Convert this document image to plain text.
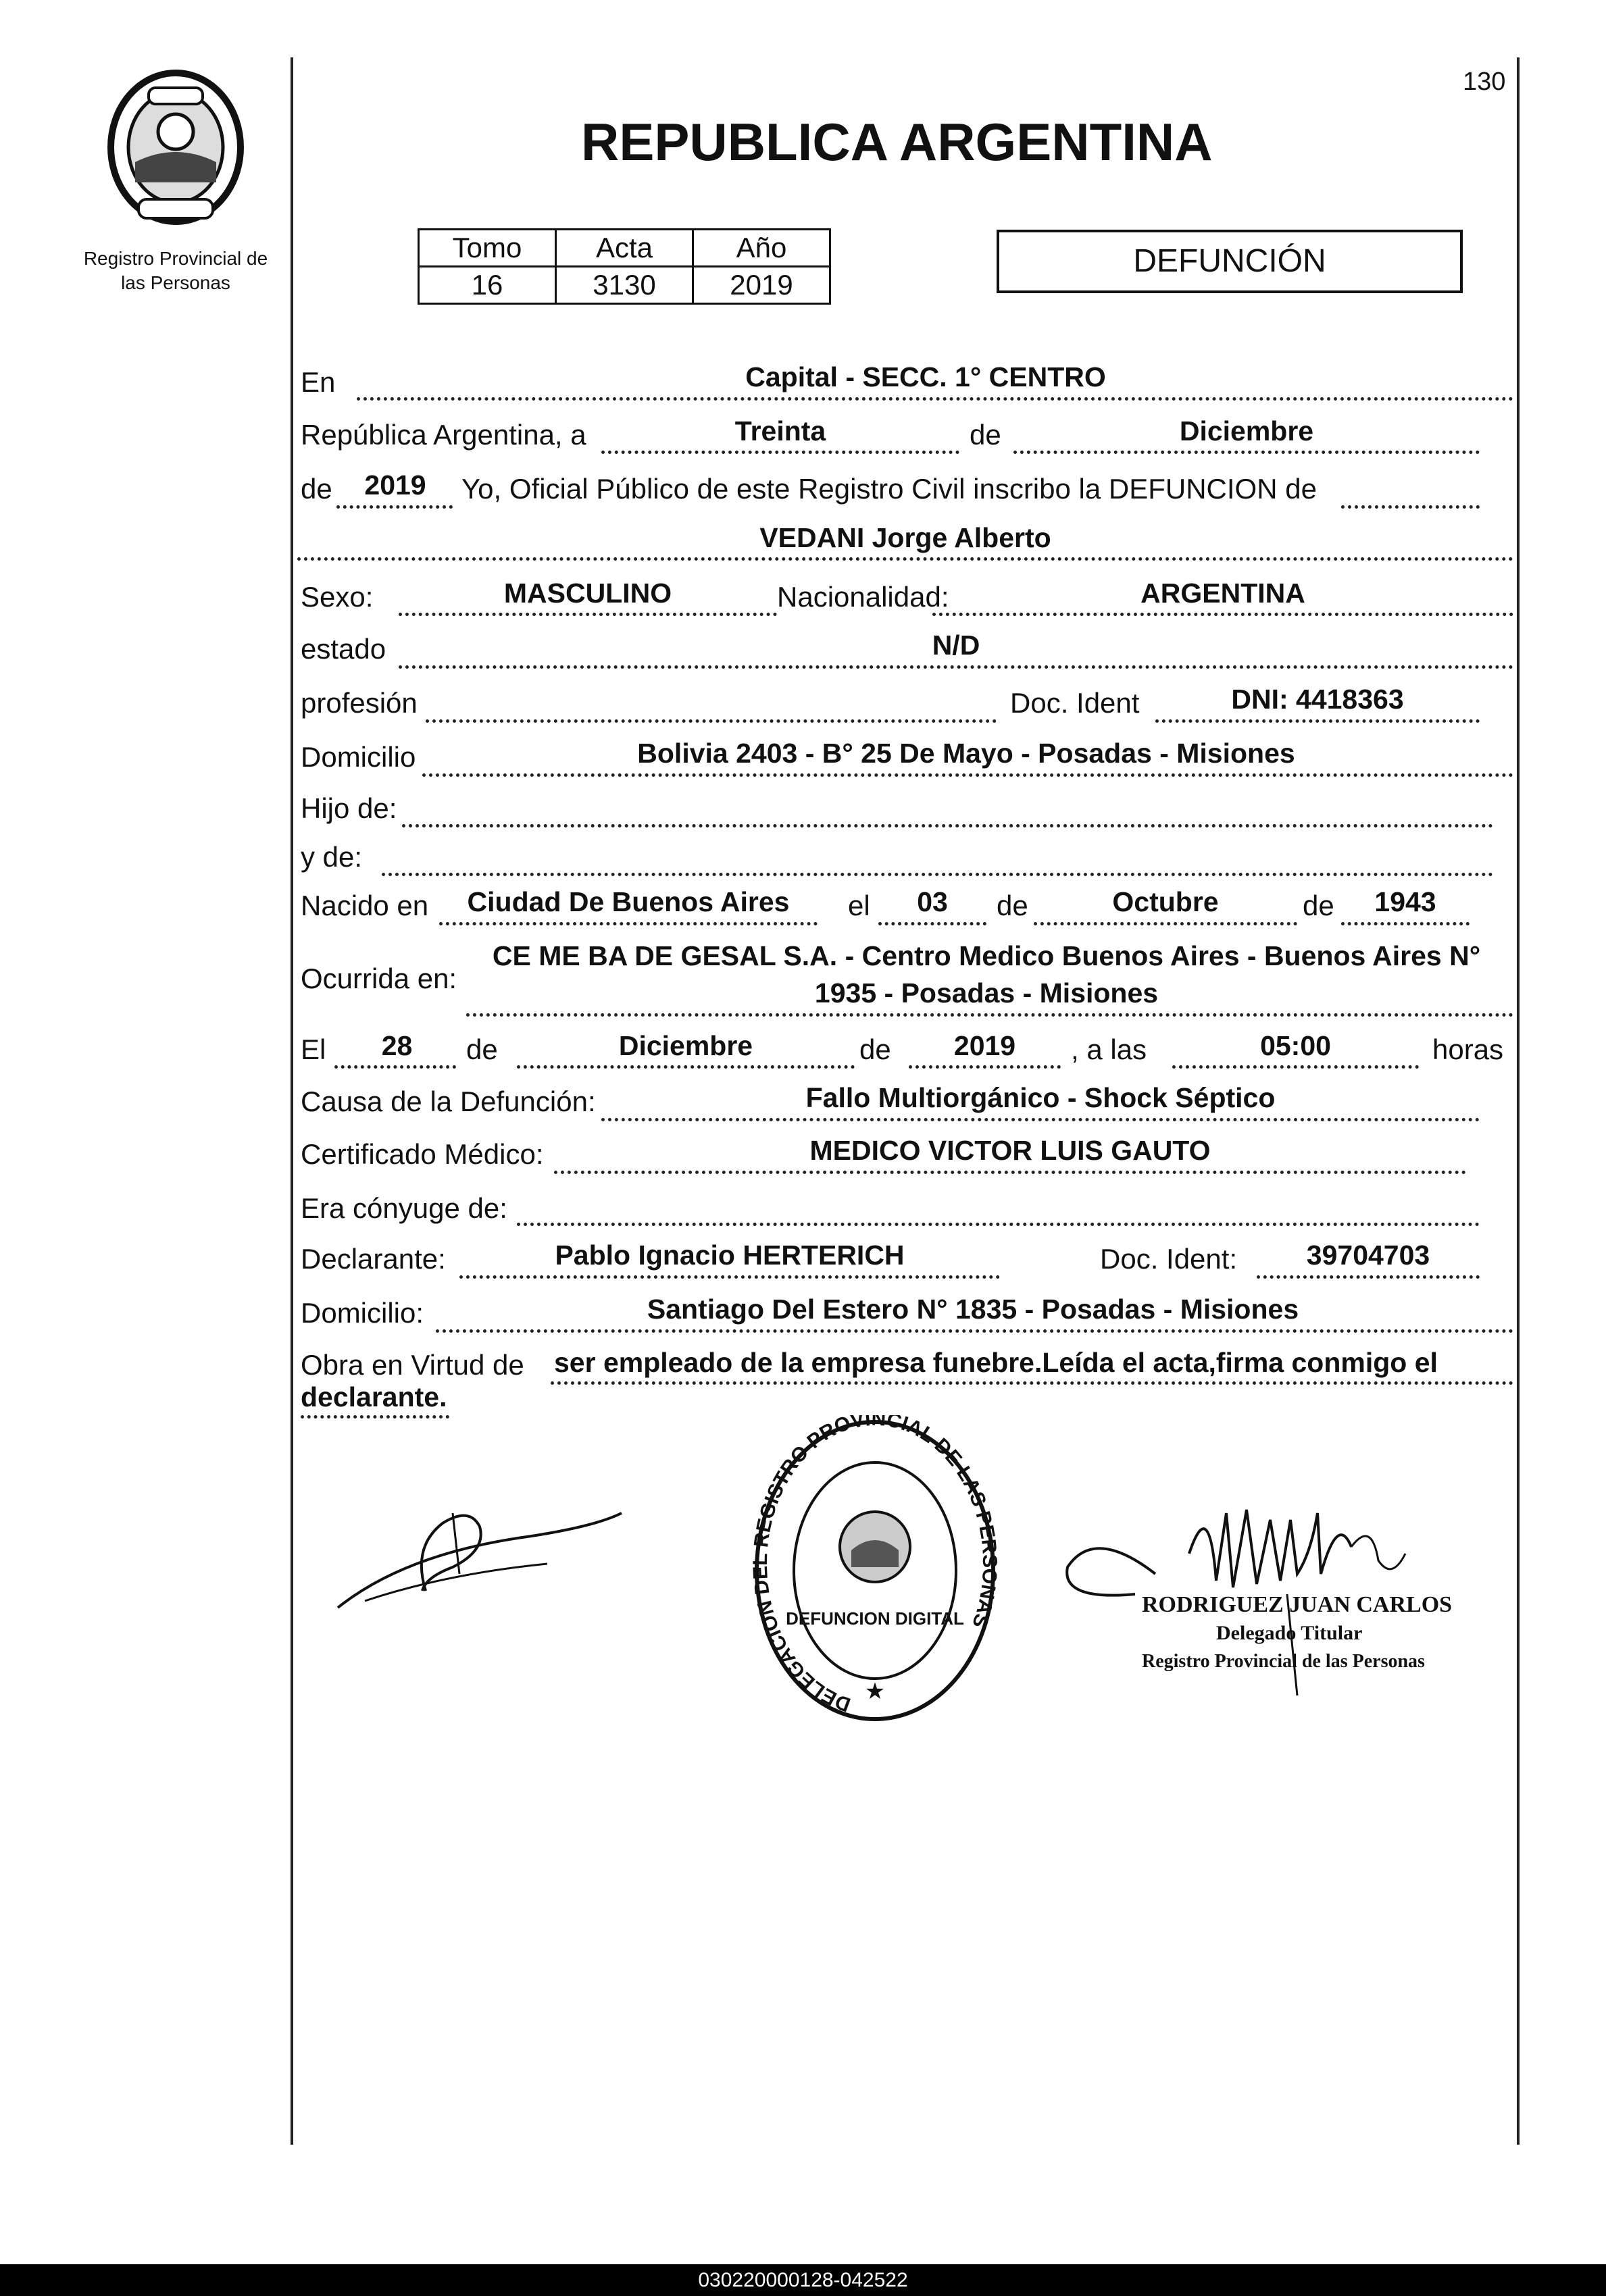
Registro Provincial de
las Personas
130
REPUBLICA ARGENTINA
Tomo	Acta	Año
16	3130	2019
DEFUNCIÓN
En	Capital - SECC. 1° CENTRO
República Argentina, a	Treinta	de	Diciembre
de	2019	Yo, Oficial Público de este Registro Civil inscribo la DEFUNCION de
VEDANI Jorge Alberto
Sexo:	MASCULINO	Nacionalidad:	ARGENTINA
estado	N/D
profesión	Doc. Ident	DNI: 4418363
Domicilio	Bolivia 2403 - B° 25 De Mayo - Posadas - Misiones
Hijo de:
y de:
Nacido en	Ciudad De Buenos Aires	el	03	de	Octubre	de	1943
Ocurrida en:
CE ME BA DE GESAL S.A. - Centro Medico Buenos Aires - Buenos Aires N°
1935 - Posadas - Misiones
El	28	de	Diciembre	de	2019	, a las	05:00	horas
Causa de la Defunción:	Fallo Multiorgánico - Shock Séptico
Certificado Médico:	MEDICO VICTOR LUIS GAUTO
Era cónyuge de:
Declarante:	Pablo Ignacio HERTERICH	Doc. Ident:	39704703
Domicilio:	Santiago Del Estero N° 1835 - Posadas - Misiones
Obra en Virtud de ser empleado de la empresa funebre.Leída el acta,firma conmigo el
declarante.
DELEGACION DEL REGISTRO PROVINCIAL DE LAS PERSONAS
DEFUNCION DIGITAL
★
RODRIGUEZ JUAN CARLOS
Delegado Titular
Registro Provincial de las Personas
030220000128-042522
